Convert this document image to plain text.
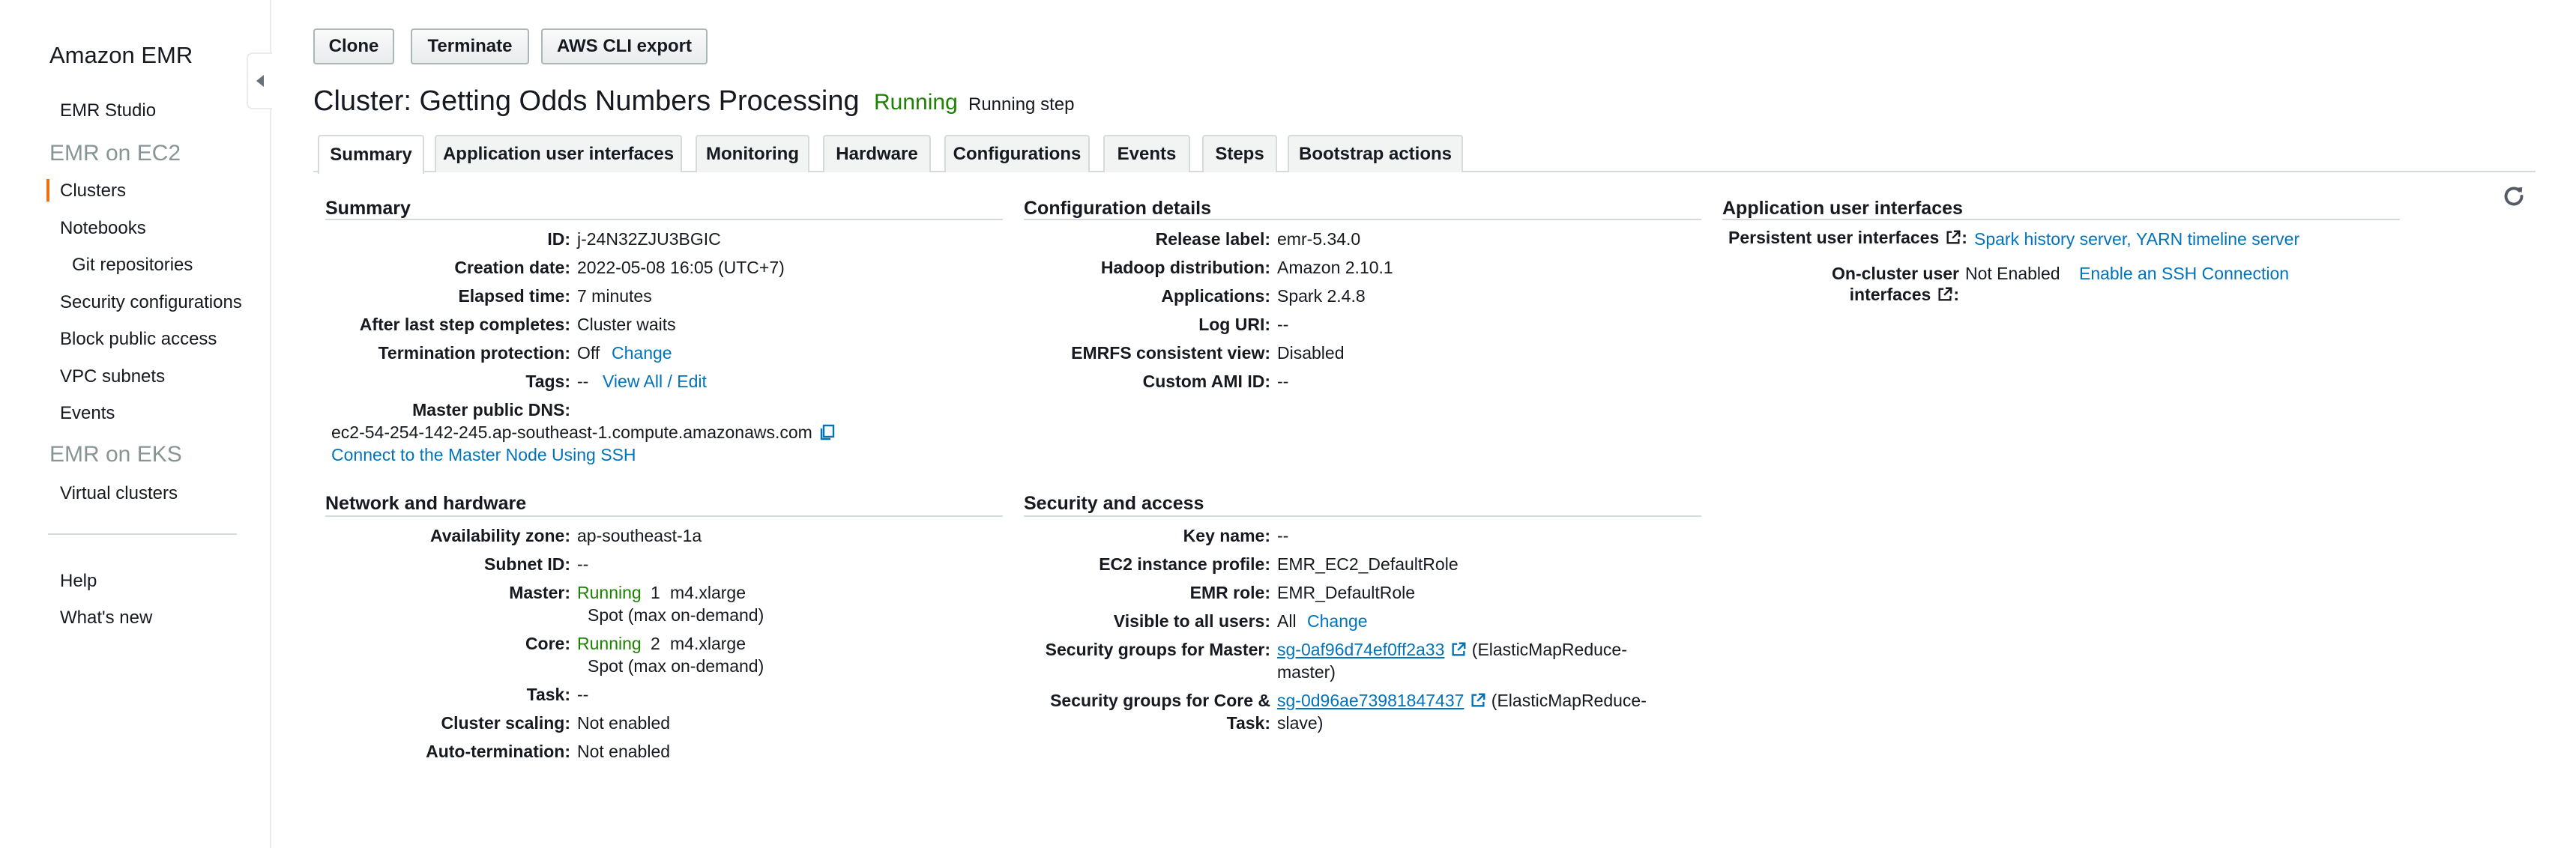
Amazon EMR
EMR Studio
EMR on EC2
Clusters
Notebooks
Git repositories
Security configurations
Block public access
VPC subnets
Events
EMR on EKS
Virtual clusters
Help
What's new
Clone	Terminate	AWS CLI export
Cluster: Getting Odds Numbers Processing Running Running step
Summary	Application user interfaces	Monitoring	Hardware	Configurations	Events	Steps	Bootstrap actions
Summary
ID: j-24N32ZJU3BGIC
Creation date: 2022-05-08 16:05 (UTC+7)
Elapsed time: 7 minutes
After last step completes: Cluster waits
Termination protection: Off Change
Tags: -- View All / Edit
Master public DNS:
ec2-54-254-142-245.ap-southeast-1.compute.amazonaws.com
Connect to the Master Node Using SSH
Configuration details
Release label: emr-5.34.0
Hadoop distribution: Amazon 2.10.1
Applications: Spark 2.4.8
Log URI: --
EMRFS consistent view: Disabled
Custom AMI ID: --
Application user interfaces
Persistent user interfaces : Spark history server, YARN timeline server
On-cluster user
interfaces :
Not Enabled Enable an SSH Connection
Network and hardware
Availability zone: ap-southeast-1a
Subnet ID: --
Master: Running 1 m4.xlarge
Spot (max on-demand)
Core: Running 2 m4.xlarge
Spot (max on-demand)
Task: --
Cluster scaling: Not enabled
Auto-termination: Not enabled
Security and access
Key name: --
EC2 instance profile: EMR_EC2_DefaultRole
EMR role: EMR_DefaultRole
Visible to all users: All Change
Security groups for Master: sg-0af96d74ef0ff2a33 (ElasticMapReduce-
master)
Security groups for Core &
Task:
sg-0d96ae73981847437 (ElasticMapReduce-
slave)
